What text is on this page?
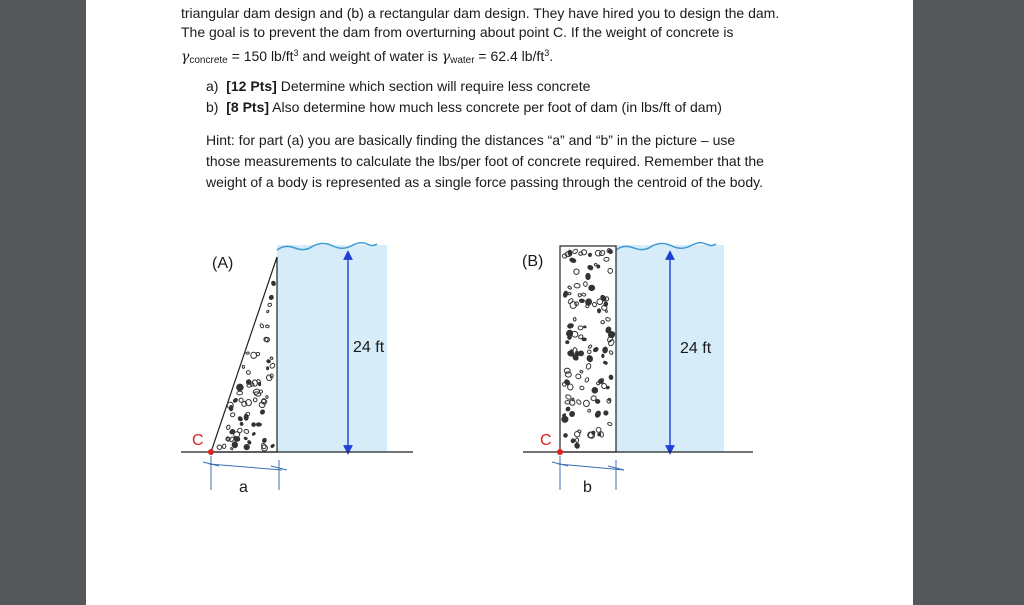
triangular dam design and (b) a rectangular dam design. They have hired you to design the dam.
The goal is to prevent the dam from overturning about point C. If the weight of concrete is
$\gamma_{concrete} = 150$ $lb/ft^3$ and weight of water is $\gamma_{water} = 62.4$ $lb/ft^3$.
a) [12 Pts] Determine which section will require less concrete
b) [8 Pts] Also determine how much less concrete per foot of dam (in lbs/ft of dam)
Hint: for part (a) you are basically finding the distances “a” and “b” in the picture – use
those measurements to calculate the lbs/per foot of concrete required. Remember that the
weight of a body is represented as a single force passing through the centroid of the body.
(A)
24 ft
C
a
(B)
24 ft
C
b
